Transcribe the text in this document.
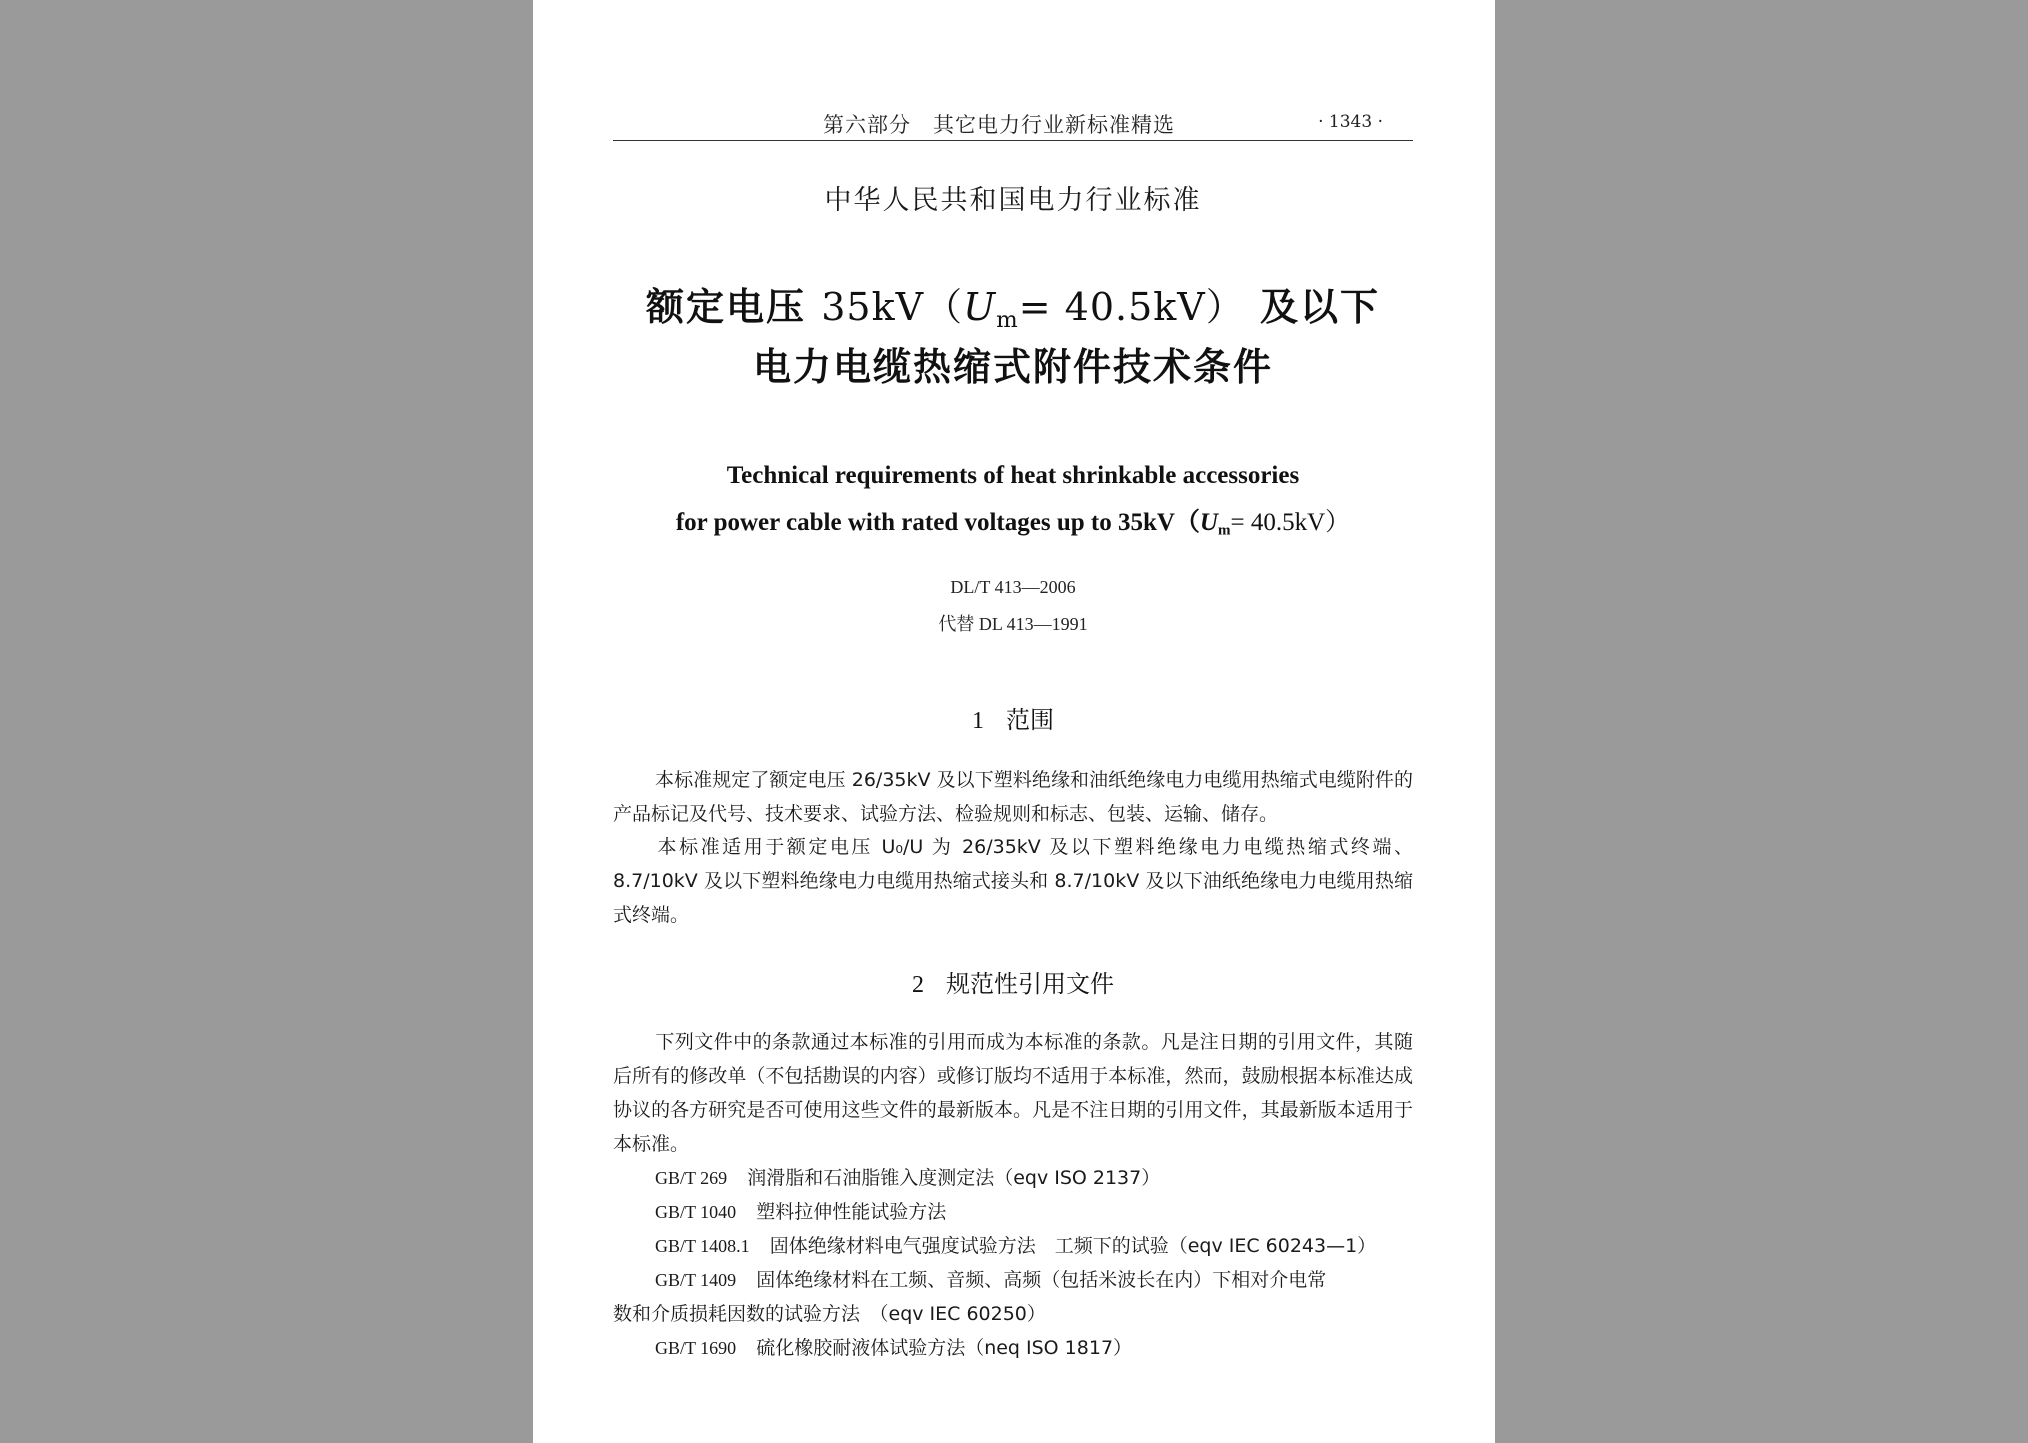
第六部分　其它电力行业新标准精选	· 1343 ·
中华人民共和国电力行业标准
额定电压 $35kV(U_m= 40.5kV)$ 及以下
电力电缆热缩式附件技术条件
Technical requirements of heat shrinkable accessories
for power cable with rated voltages up to $35kV(U_m= 40.5kV)$
DL/T 413—2006
代替 DL 413—1991
1 范围
本标准规定了额定电压 26/35kV 及以下塑料绝缘和油纸绝缘电力电缆用热缩式电缆附件的产品标记及代号、技术要求、试验方法、检验规则和标志、包装、运输、储存。
本标准适用于额定电压 U₀/U 为 26/35kV 及以下塑料绝缘电力电缆热缩式终端、8.7/10kV 及以下塑料绝缘电力电缆用热缩式接头和 8.7/10kV 及以下油纸绝缘电力电缆用热缩式终端。
2 规范性引用文件
下列文件中的条款通过本标准的引用而成为本标准的条款。凡是注日期的引用文件，其随后所有的修改单（不包括勘误的内容）或修订版均不适用于本标准，然而，鼓励根据本标准达成协议的各方研究是否可使用这些文件的最新版本。凡是不注日期的引用文件，其最新版本适用于本标准。
GB/T 269 润滑脂和石油脂锥入度测定法（eqv ISO 2137）
GB/T 1040 塑料拉伸性能试验方法
GB/T 1408.1 固体绝缘材料电气强度试验方法　工频下的试验（eqv IEC 60243—1）
GB/T 1409 固体绝缘材料在工频、音频、高频（包括米波长在内）下相对介电常
数和介质损耗因数的试验方法　（eqv IEC 60250）
GB/T 1690 硫化橡胶耐液体试验方法（neq ISO 1817）
